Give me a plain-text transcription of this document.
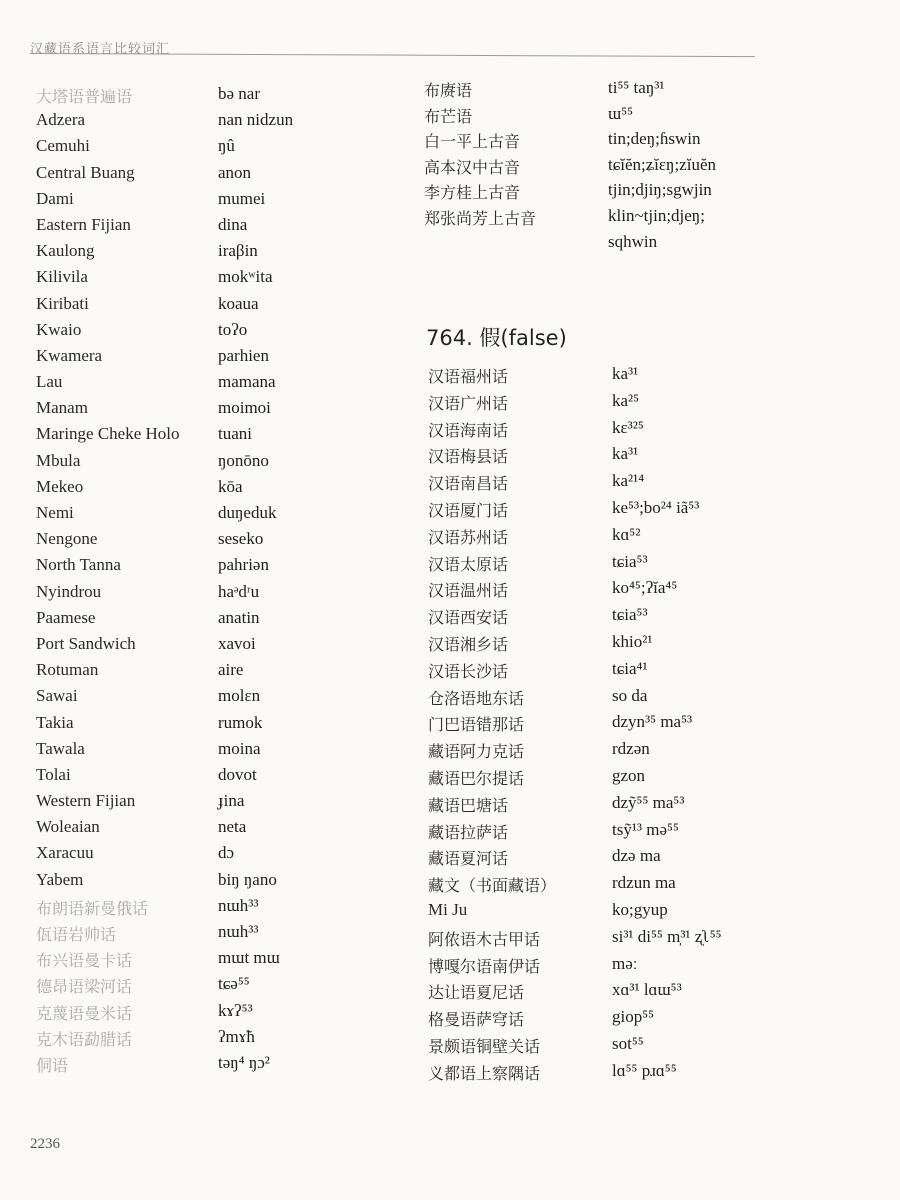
汉藏语系语言比较词汇
大塔语普遍语	bə nar
Adzera	nan nidzun
Cemuhi	ŋû
Central Buang	anon
Dami	mumei
Eastern Fijian	dina
Kaulong	iraβin
Kilivila	mokʷita
Kiribati	koaua
Kwaio	toʔo
Kwamera	parhien
Lau	mamana
Manam	moimoi
Maringe Cheke Holo tuani
Mbula	ŋonōno
Mekeo	kōa
Nemi	duŋeduk
Nengone	seseko
North Tanna	pahriən
Nyindrou	haᵊdʳu
Paamese	anatin
Port Sandwich	xavoi
Rotuman	aire
Sawai	molɛn
Takia	rumok
Tawala	moina
Tolai	dovot
Western Fijian	ɟina
Woleaian	neta
Xaracuu	dɔ
Yabem	biŋ ŋano
布朗语新曼俄话	nɯh³³
佤语岩帅话	nɯh³³
布兴语曼卡话	mɯt mɯ
德昂语梁河话	tɕə⁵⁵
克蔑语曼米话	kɤʔ⁵³
克木语勐腊话	ʔmɤ̃h
侗语	təŋ⁴ ŋɔ²
布赓语	ti⁵⁵ taŋ³¹
布芒语	ɯ⁵⁵
白一平上古音	tin;deŋ;ɦswin
高本汉中古音	tɕĭĕn;ʑĭɛŋ;zĭuĕn
李方桂上古音	tjin;djiŋ;sgwjin
郑张尚芳上古音	klin~tjin;djeŋ;
sqhwin
764. 假(false)
汉语福州话	ka³¹
汉语广州话	ka²⁵
汉语海南话	kɛ³²⁵
汉语梅县话	ka³¹
汉语南昌话	ka²¹⁴
汉语厦门话	ke⁵³;bo²⁴ iã⁵³
汉语苏州话	kɑ⁵²
汉语太原话	tɕia⁵³
汉语温州话	ko⁴⁵;ʔĭa⁴⁵
汉语西安话	tɕia⁵³
汉语湘乡话	khio²¹
汉语长沙话	tɕia⁴¹
仓洛语地东话	so da
门巴语错那话	dzyn³⁵ ma⁵³
藏语阿力克话	rdzən
藏语巴尔提话	gzon
藏语巴塘话	dzỹ⁵⁵ ma⁵³
藏语拉萨话	tsỹ¹³ mə⁵⁵
藏语夏河话	dzə ma
藏文（书面藏语）	rdzun ma
Mi Ju	ko;gyup
阿侬语木古甲话	si³¹ di⁵⁵ m̩³¹ ʐʅ⁵⁵
博嘎尔语南伊话	məː
达让语夏尼话	xɑ³¹ lɑɯ⁵³
格曼语萨穹话	giop⁵⁵
景颇语铜壁关话	sot⁵⁵
义都语上察隅话	lɑ⁵⁵ pɹɑ⁵⁵
2236
